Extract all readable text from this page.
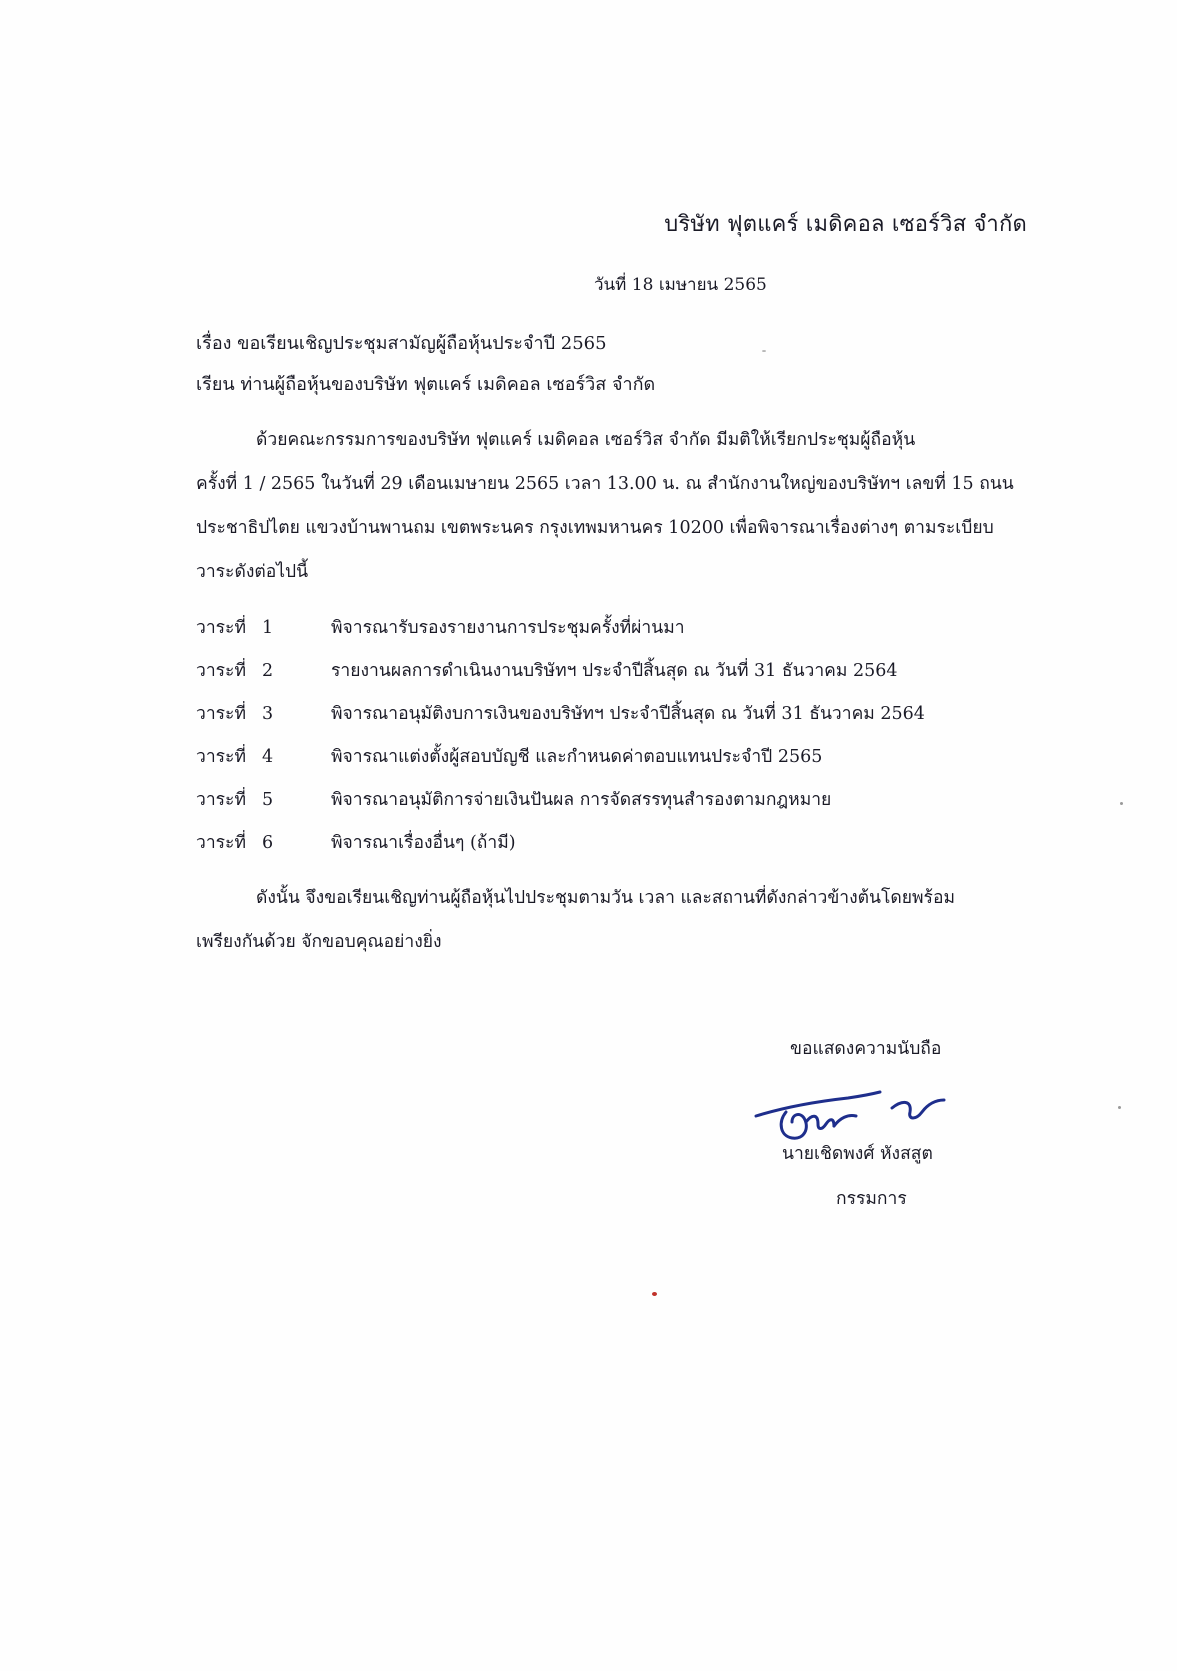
บริษัท ฟุตแคร์ เมดิคอล เซอร์วิส จำกัด
วันที่ 18 เมษายน 2565
เรื่อง ขอเรียนเชิญประชุมสามัญผู้ถือหุ้นประจำปี 2565
เรียน ท่านผู้ถือหุ้นของบริษัท ฟุตแคร์ เมดิคอล เซอร์วิส จำกัด
ด้วยคณะกรรมการของบริษัท ฟุตแคร์ เมดิคอล เซอร์วิส จำกัด มีมติให้เรียกประชุมผู้ถือหุ้น
ครั้งที่ 1 / 2565 ในวันที่ 29 เดือนเมษายน 2565 เวลา 13.00 น. ณ สำนักงานใหญ่ของบริษัทฯ เลขที่ 15 ถนน
ประชาธิปไตย แขวงบ้านพานถม เขตพระนคร กรุงเทพมหานคร 10200 เพื่อพิจารณาเรื่องต่างๆ ตามระเบียบ
วาระดังต่อไปนี้
วาระที่ 1	พิจารณารับรองรายงานการประชุมครั้งที่ผ่านมา
วาระที่ 2	รายงานผลการดำเนินงานบริษัทฯ ประจำปีสิ้นสุด ณ วันที่ 31 ธันวาคม 2564
วาระที่ 3	พิจารณาอนุมัติงบการเงินของบริษัทฯ ประจำปีสิ้นสุด ณ วันที่ 31 ธันวาคม 2564
วาระที่ 4	พิจารณาแต่งตั้งผู้สอบบัญชี และกำหนดค่าตอบแทนประจำปี 2565
วาระที่ 5	พิจารณาอนุมัติการจ่ายเงินปันผล การจัดสรรทุนสำรองตามกฎหมาย
วาระที่ 6	พิจารณาเรื่องอื่นๆ (ถ้ามี)
ดังนั้น จึงขอเรียนเชิญท่านผู้ถือหุ้นไปประชุมตามวัน เวลา และสถานที่ดังกล่าวข้างต้นโดยพร้อม
เพรียงกันด้วย จักขอบคุณอย่างยิ่ง
ขอแสดงความนับถือ
นายเชิดพงศ์ หังสสูต
กรรมการ
